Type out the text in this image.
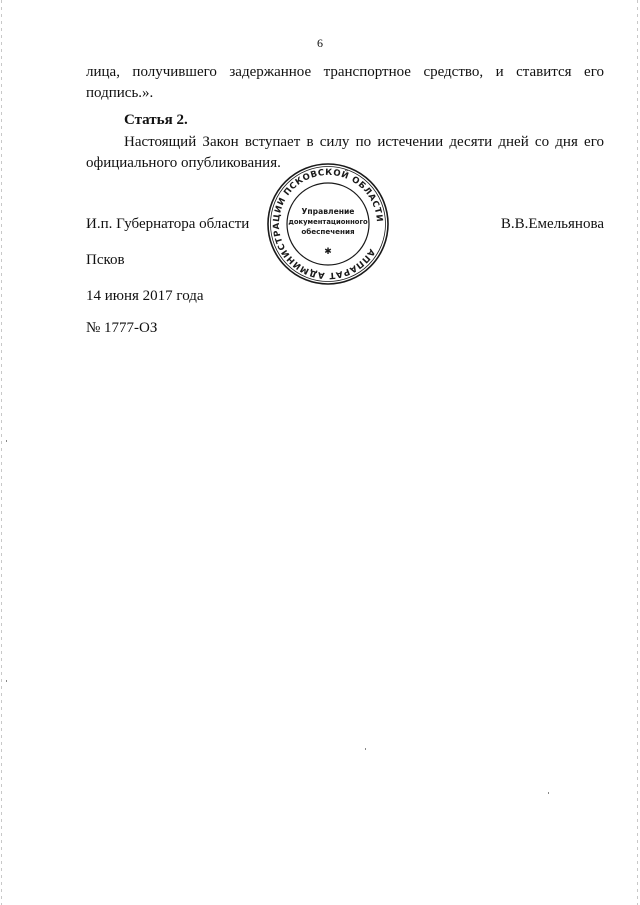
6
лица, получившего задержанное транспортное средство, и ставится его
подпись.».
Статья 2.
Настоящий Закон вступает в силу по истечении десяти дней со дня его
официального опубликования.
И.п. Губернатора области	В.В.Емельянова
Псков
14 июня 2017 года
№ 1777-ОЗ
АППАРАТ АДМИНИСТРАЦИИ ПСКОВСКОЙ ОБЛАСТИ
Управление
документационного
обеспечения
✱
